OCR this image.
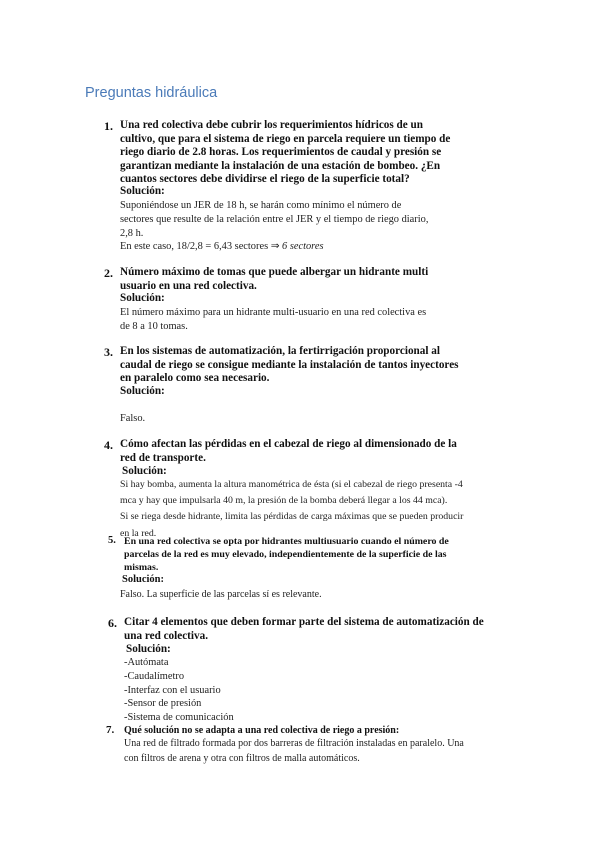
Preguntas hidráulica
1. Una red colectiva debe cubrir los requerimientos hídricos de un
cultivo, que para el sistema de riego en parcela requiere un tiempo de
riego diario de 2.8 horas. Los requerimientos de caudal y presión se
garantizan mediante la instalación de una estación de bombeo. ¿En
cuantos sectores debe dividirse el riego de la superficie total?
Solución:
Suponiéndose un JER de 18 h, se harán como mínimo el número de
sectores que resulte de la relación entre el JER y el tiempo de riego diario,
2,8 h.
En este caso, 18/2,8 = 6,43 sectores ⇒ 6 sectores
2. Número máximo de tomas que puede albergar un hidrante multi
usuario en una red colectiva.
Solución:
El número máximo para un hidrante multi-usuario en una red colectiva es
de 8 a 10 tomas.
3. En los sistemas de automatización, la fertirrigación proporcional al
caudal de riego se consigue mediante la instalación de tantos inyectores
en paralelo como sea necesario.
Solución:
Falso.
4. Cómo afectan las pérdidas en el cabezal de riego al dimensionado de la
red de transporte.
Solución:
Si hay bomba, aumenta la altura manométrica de ésta (si el cabezal de riego presenta -4
mca y hay que impulsarla 40 m, la presión de la bomba deberá llegar a los 44 mca).
Si se riega desde hidrante, limita las pérdidas de carga máximas que se pueden producir
en la red.
5. En una red colectiva se opta por hidrantes multiusuario cuando el número de
parcelas de la red es muy elevado, independientemente de la superficie de las
mismas.
Solución:
Falso. La superficie de las parcelas sí es relevante.
6. Citar 4 elementos que deben formar parte del sistema de automatización de
una red colectiva.
Solución:
-Autómata
-Caudalímetro
-Interfaz con el usuario
-Sensor de presión
-Sistema de comunicación
7. Qué solución no se adapta a una red colectiva de riego a presión:
Una red de filtrado formada por dos barreras de filtración instaladas en paralelo. Una
con filtros de arena y otra con filtros de malla automáticos.
